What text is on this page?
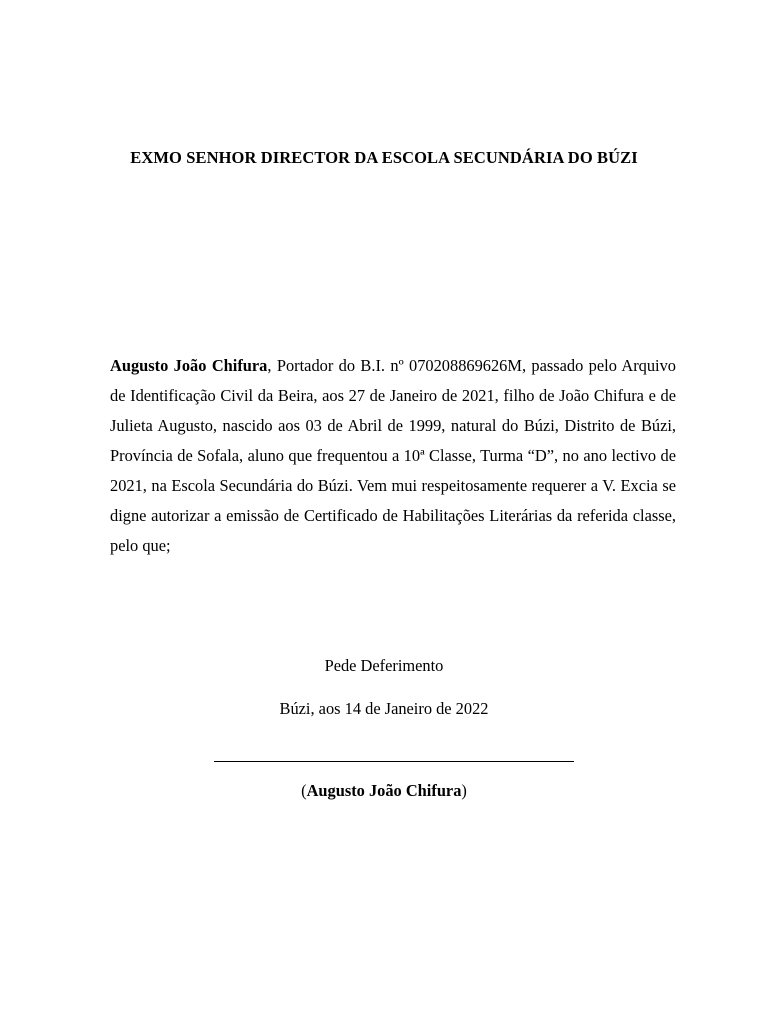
EXMO SENHOR DIRECTOR DA ESCOLA SECUNDÁRIA DO BÚZI
Augusto João Chifura, Portador do B.I. nº 070208869626M, passado pelo Arquivo de Identificação Civil da Beira, aos 27 de Janeiro de 2021, filho de João Chifura e de Julieta Augusto, nascido aos 03 de Abril de 1999, natural do Búzi, Distrito de Búzi, Província de Sofala, aluno que frequentou a 10ª Classe, Turma “D”, no ano lectivo de 2021, na Escola Secundária do Búzi. Vem mui respeitosamente requerer a V. Excia se digne autorizar a emissão de Certificado de Habilitações Literárias da referida classe, pelo que;
Pede Deferimento
Búzi, aos 14 de Janeiro de 2022
(Augusto João Chifura)
